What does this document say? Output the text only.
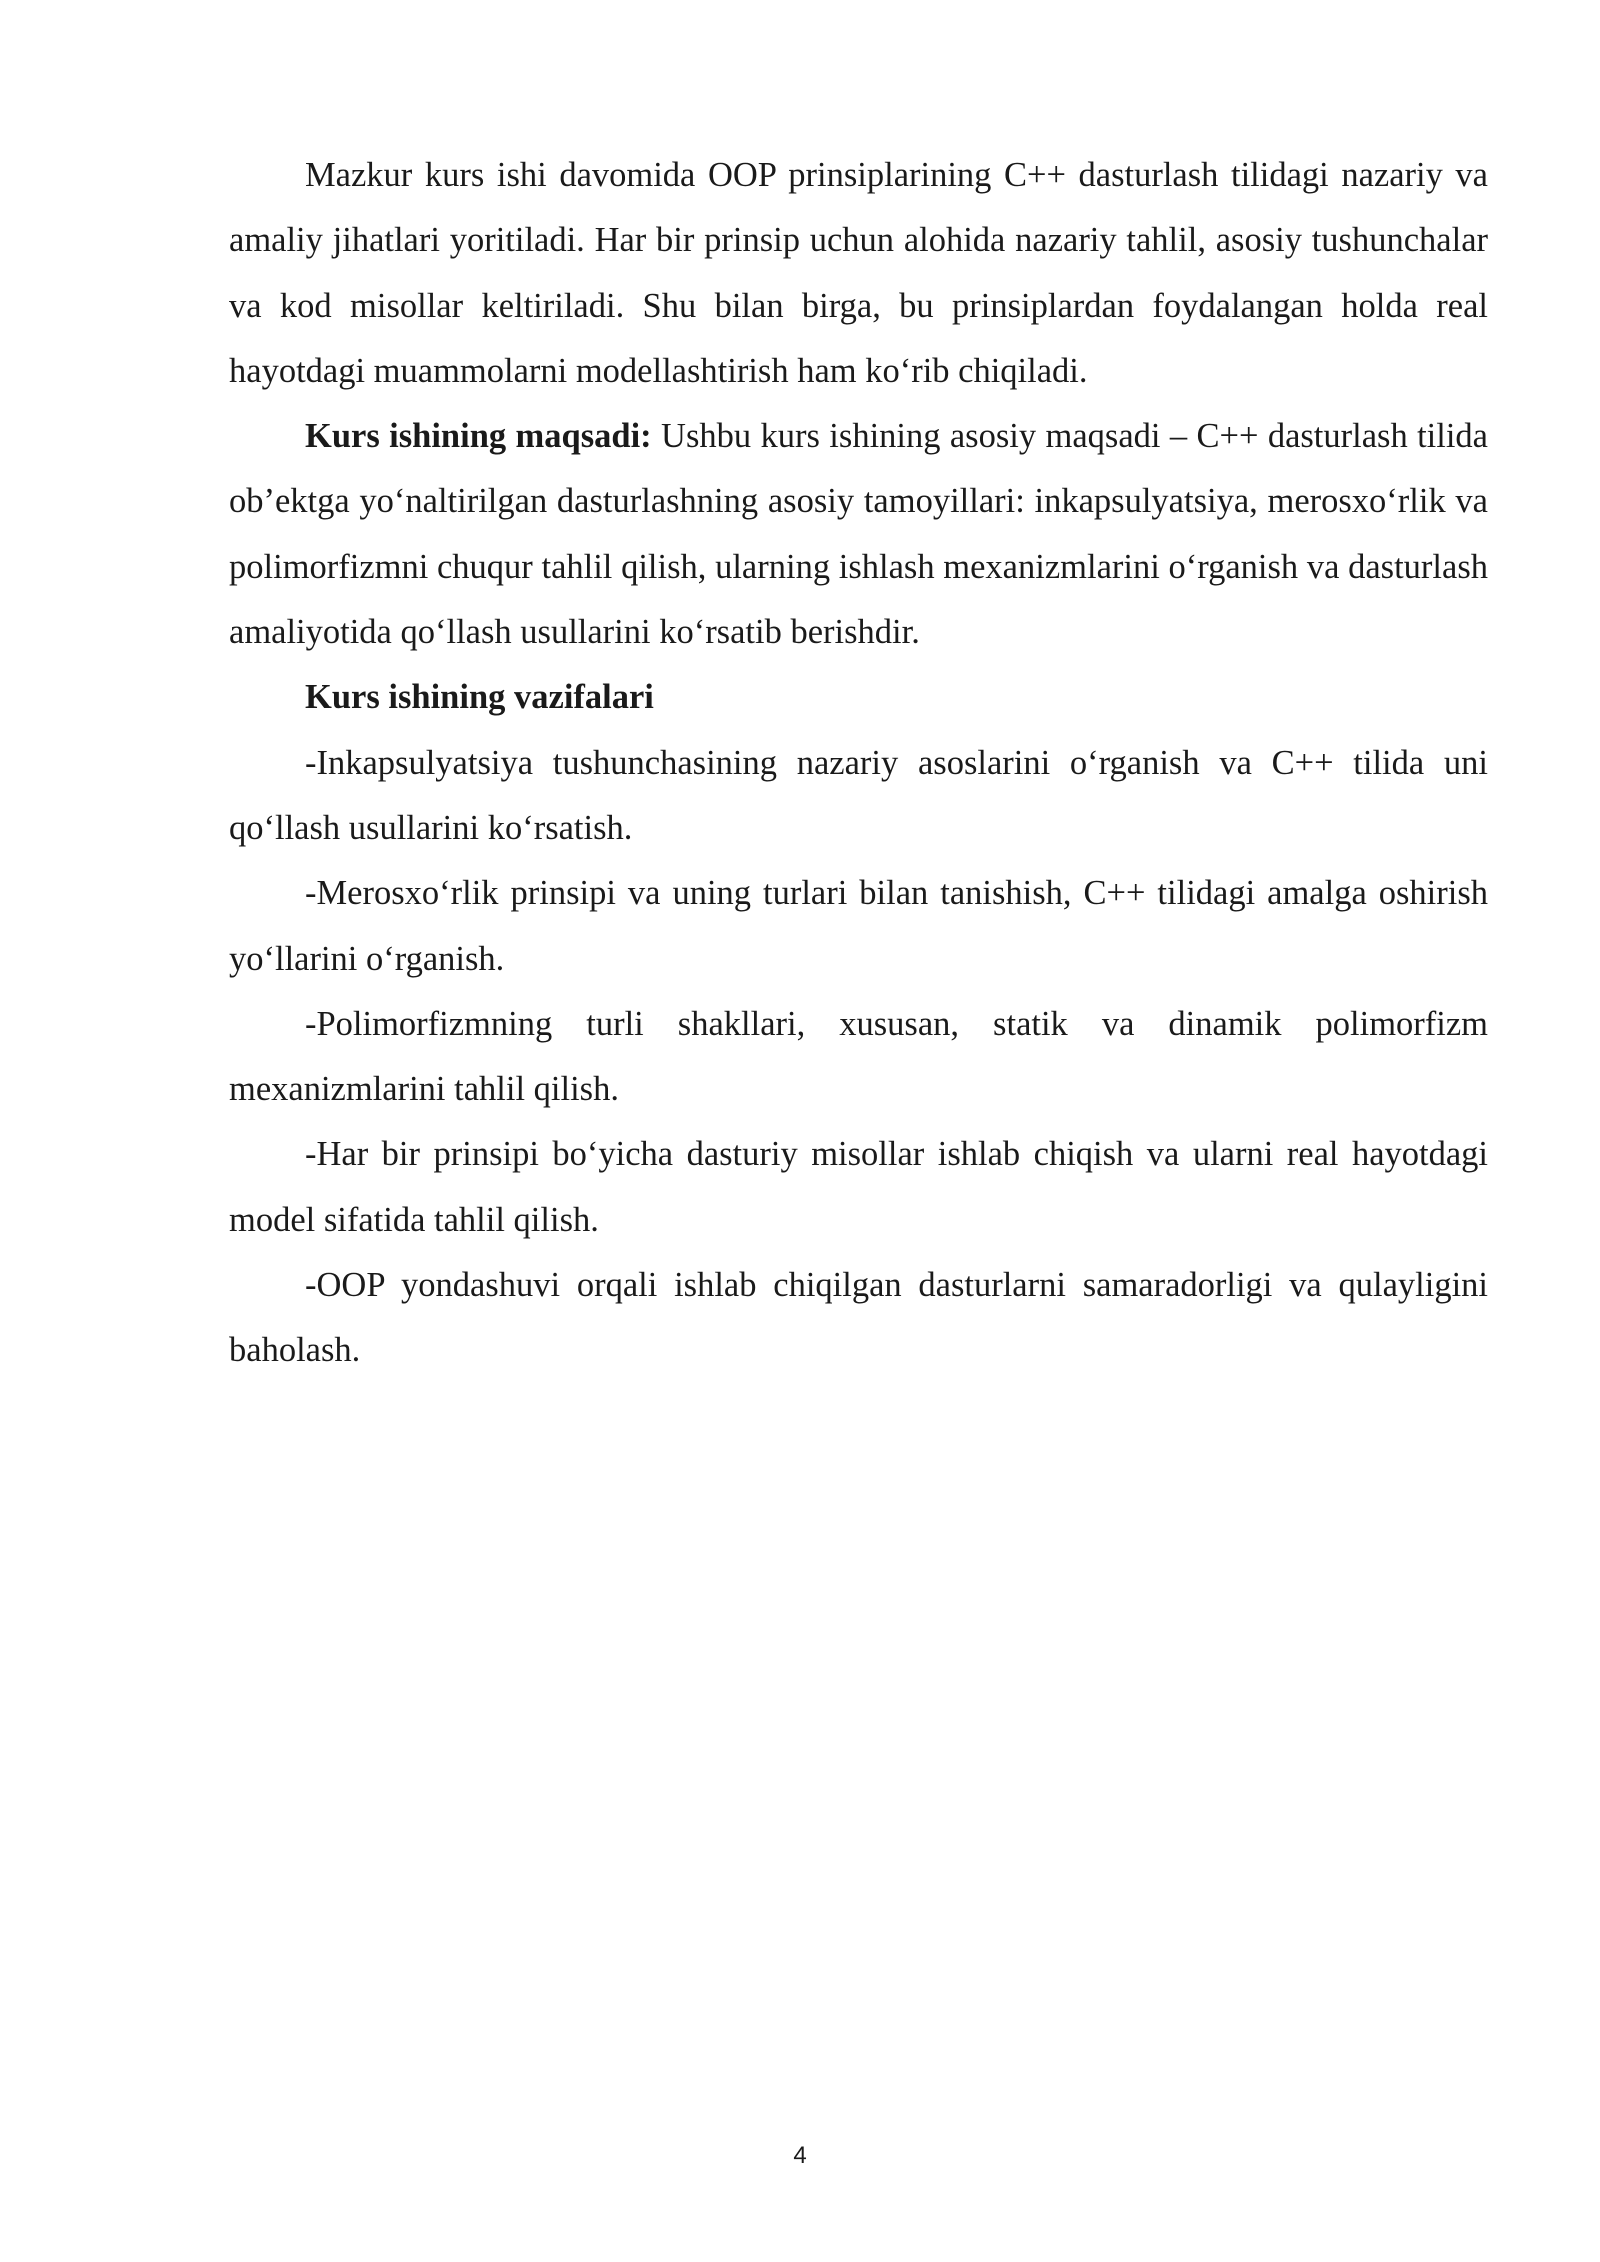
Mazkur kurs ishi davomida OOP prinsiplarining C++ dasturlash tilidagi nazariy va amaliy jihatlari yoritiladi. Har bir prinsip uchun alohida nazariy tahlil, asosiy tushunchalar va kod misollar keltiriladi. Shu bilan birga, bu prinsiplardan foydalangan holda real hayotdagi muammolarni modellashtirish ham ko‘rib chiqiladi.

Kurs ishining maqsadi: Ushbu kurs ishining asosiy maqsadi – C++ dasturlash tilida ob’ektga yo‘naltirilgan dasturlashning asosiy tamoyillari: inkapsulyatsiya, merosxo‘rlik va polimorfizmni chuqur tahlil qilish, ularning ishlash mexanizmlarini o‘rganish va dasturlash amaliyotida qo‘llash usullarini ko‘rsatib berishdir.

Kurs ishining vazifalari

-Inkapsulyatsiya tushunchasining nazariy asoslarini o‘rganish va C++ tilida uni qo‘llash usullarini ko‘rsatish.

-Merosxo‘rlik prinsipi va uning turlari bilan tanishish, C++ tilidagi amalga oshirish yo‘llarini o‘rganish.

-Polimorfizmning turli shakllari, xususan, statik va dinamik polimorfizm mexanizmlarini tahlil qilish.

-Har bir prinsipi bo‘yicha dasturiy misollar ishlab chiqish va ularni real hayotdagi model sifatida tahlil qilish.

-OOP yondashuvi orqali ishlab chiqilgan dasturlarni samaradorligi va qulayligini baholash.

4
